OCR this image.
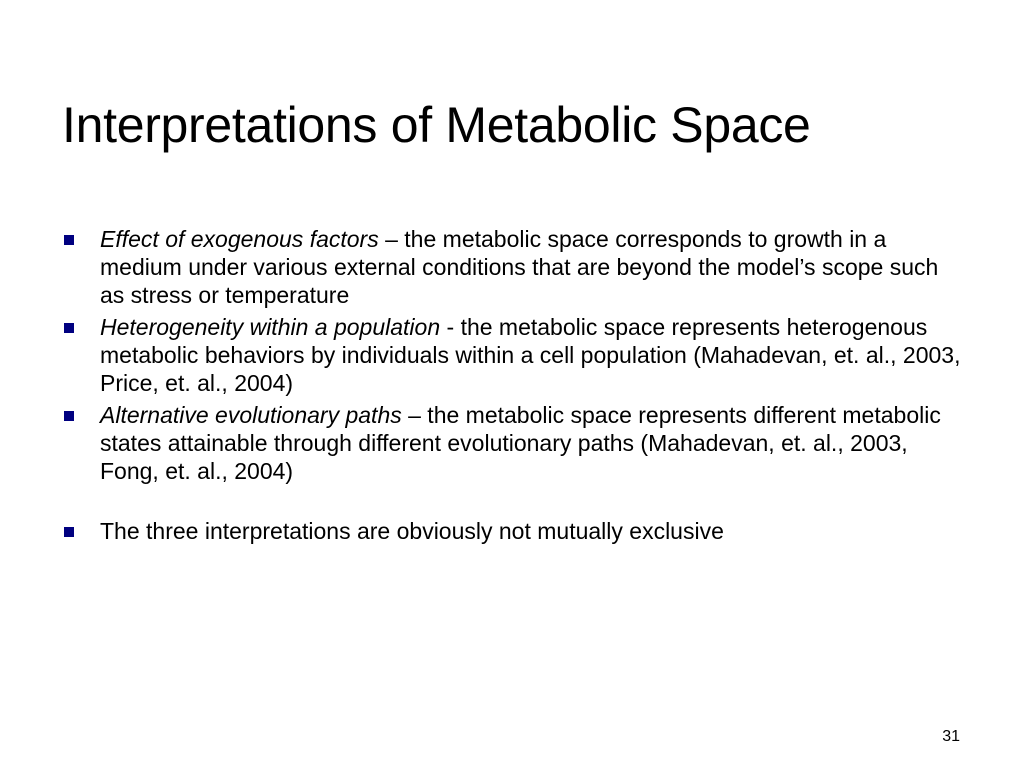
Interpretations of Metabolic Space
Effect of exogenous factors – the metabolic space corresponds to growth in a medium under various external conditions that are beyond the model’s scope such as stress or temperature
Heterogeneity within a population - the metabolic space represents heterogenous metabolic behaviors by individuals within a cell population (Mahadevan, et. al., 2003, Price, et. al., 2004)
Alternative evolutionary paths – the metabolic space represents different metabolic states attainable through different evolutionary paths (Mahadevan, et. al., 2003, Fong, et. al., 2004)
The three interpretations are obviously not mutually exclusive

31
